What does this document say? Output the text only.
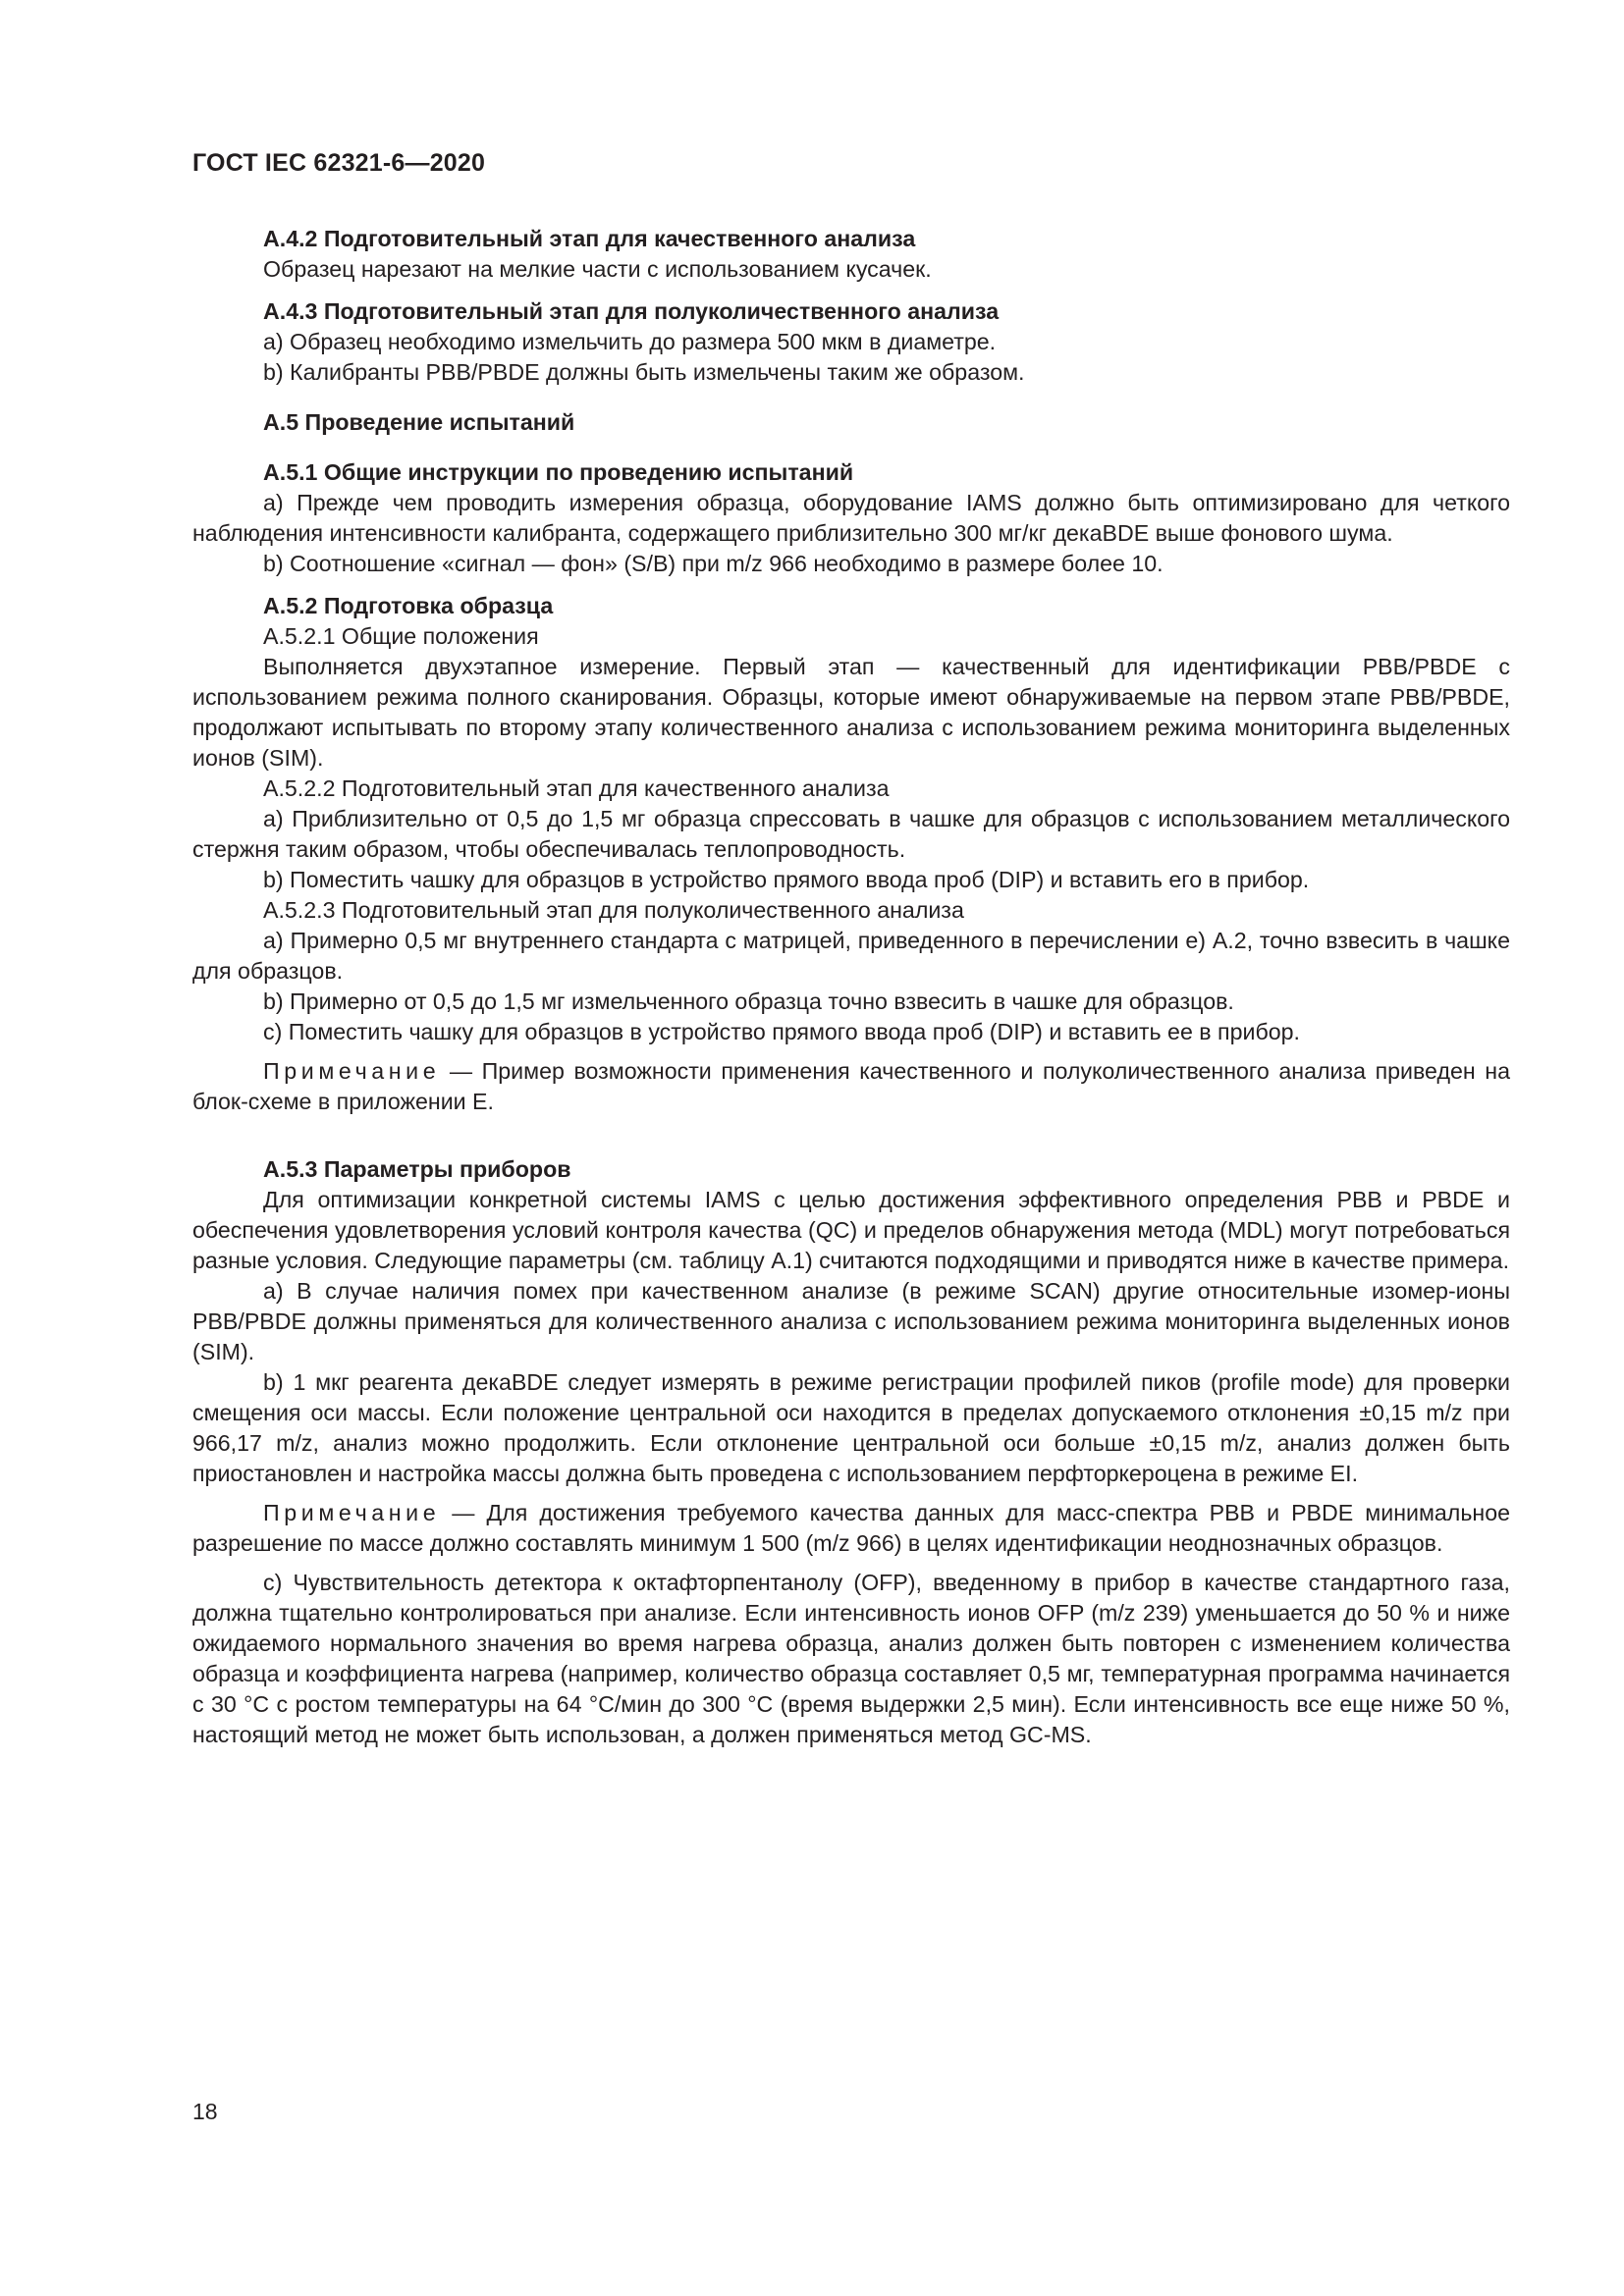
ГОСТ IEC 62321-6—2020

А.4.2 Подготовительный этап для качественного анализа

Образец нарезают на мелкие части с использованием кусачек.

А.4.3 Подготовительный этап для полуколичественного анализа

а) Образец необходимо измельчить до размера 500 мкм в диаметре.

b) Калибранты PBB/PBDE должны быть измельчены таким же образом.

А.5 Проведение испытаний

А.5.1 Общие инструкции по проведению испытаний

а) Прежде чем проводить измерения образца, оборудование IAMS должно быть оптимизировано для четкого наблюдения интенсивности калибранта, содержащего приблизительно 300 мг/кг декаBDE выше фонового шума.

b) Соотношение «сигнал — фон» (S/B) при m/z 966 необходимо в размере более 10.

А.5.2 Подготовка образца

А.5.2.1 Общие положения

Выполняется двухэтапное измерение. Первый этап — качественный для идентификации PBB/PBDE с использованием режима полного сканирования. Образцы, которые имеют обнаруживаемые на первом этапе PBB/PBDE, продолжают испытывать по второму этапу количественного анализа с использованием режима мониторинга выделенных ионов (SIM).

А.5.2.2 Подготовительный этап для качественного анализа

а) Приблизительно от 0,5 до 1,5 мг образца спрессовать в чашке для образцов с использованием металлического стержня таким образом, чтобы обеспечивалась теплопроводность.

b) Поместить чашку для образцов в устройство прямого ввода проб (DIP) и вставить его в прибор.

А.5.2.3 Подготовительный этап для полуколичественного анализа

а) Примерно 0,5 мг внутреннего стандарта с матрицей, приведенного в перечислении е) А.2, точно взвесить в чашке для образцов.

b) Примерно от 0,5 до 1,5 мг измельченного образца точно взвесить в чашке для образцов.

с) Поместить чашку для образцов в устройство прямого ввода проб (DIP) и вставить ее в прибор.

Примечание — Пример возможности применения качественного и полуколичественного анализа приведен на блок-схеме в приложении Е.

А.5.3 Параметры приборов

Для оптимизации конкретной системы IAMS с целью достижения эффективного определения PBB и PBDE и обеспечения удовлетворения условий контроля качества (QC) и пределов обнаружения метода (MDL) могут потребоваться разные условия. Следующие параметры (см. таблицу А.1) считаются подходящими и приводятся ниже в качестве примера.

а) В случае наличия помех при качественном анализе (в режиме SCAN) другие относительные изомер-ионы PBB/PBDE должны применяться для количественного анализа с использованием режима мониторинга выделенных ионов (SIM).

b) 1 мкг реагента декаBDE следует измерять в режиме регистрации профилей пиков (profile mode) для проверки смещения оси массы. Если положение центральной оси находится в пределах допускаемого отклонения ±0,15 m/z при 966,17 m/z, анализ можно продолжить. Если отклонение центральной оси больше ±0,15 m/z, анализ должен быть приостановлен и настройка массы должна быть проведена с использованием перфторкероцена в режиме EI.

Примечание — Для достижения требуемого качества данных для масс-спектра PBB и PBDE минимальное разрешение по массе должно составлять минимум 1 500 (m/z 966) в целях идентификации неоднозначных образцов.

с) Чувствительность детектора к октафторпентанолу (OFP), введенному в прибор в качестве стандартного газа, должна тщательно контролироваться при анализе. Если интенсивность ионов OFP (m/z 239) уменьшается до 50 % и ниже ожидаемого нормального значения во время нагрева образца, анализ должен быть повторен с изменением количества образца и коэффициента нагрева (например, количество образца составляет 0,5 мг, температурная программа начинается с 30 °С с ростом температуры на 64 °С/мин до 300 °С (время выдержки 2,5 мин). Если интенсивность все еще ниже 50 %, настоящий метод не может быть использован, а должен применяться метод GC-MS.

18
